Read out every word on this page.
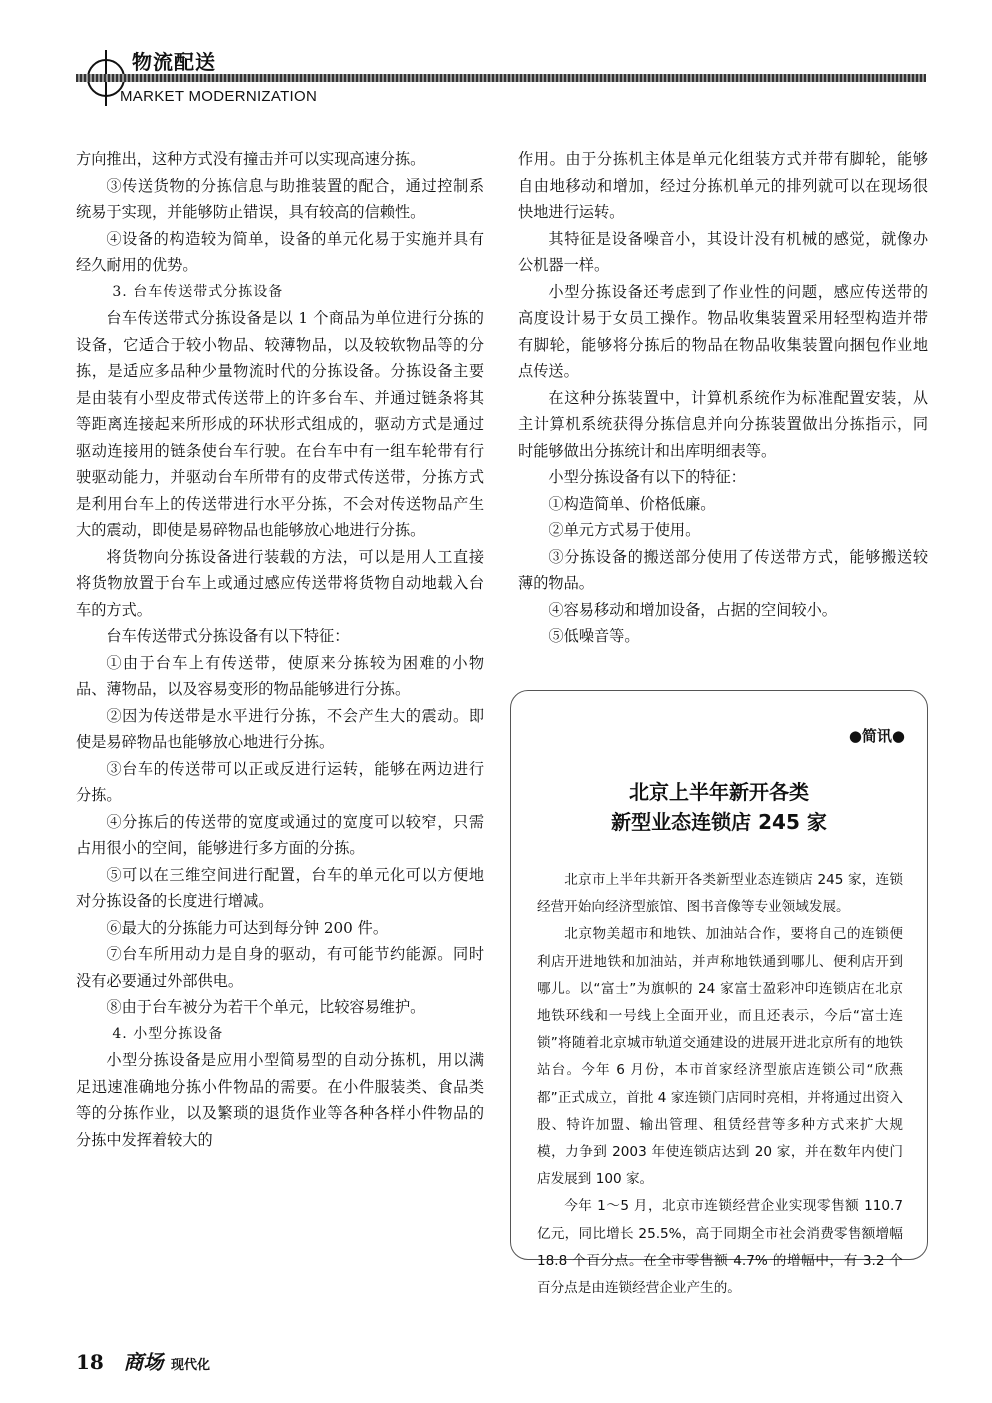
物流配送
MARKET MODERNIZATION

方向推出，这种方式没有撞击并可以实现高速分拣。

③传送货物的分拣信息与助推装置的配合，通过控制系统易于实现，并能够防止错误，具有较高的信赖性。

④设备的构造较为简单，设备的单元化易于实施并具有经久耐用的优势。

3. 台车传送带式分拣设备

台车传送带式分拣设备是以 1 个商品为单位进行分拣的设备，它适合于较小物品、较薄物品，以及较软物品等的分拣，是适应多品种少量物流时代的分拣设备。分拣设备主要是由装有小型皮带式传送带上的许多台车、并通过链条将其等距离连接起来所形成的环状形式组成的，驱动方式是通过驱动连接用的链条使台车行驶。在台车中有一组车轮带有行驶驱动能力，并驱动台车所带有的皮带式传送带，分拣方式是利用台车上的传送带进行水平分拣，不会对传送物品产生大的震动，即使是易碎物品也能够放心地进行分拣。

将货物向分拣设备进行装载的方法，可以是用人工直接将货物放置于台车上或通过感应传送带将货物自动地载入台车的方式。

台车传送带式分拣设备有以下特征：

①由于台车上有传送带，使原来分拣较为困难的小物品、薄物品，以及容易变形的物品能够进行分拣。

②因为传送带是水平进行分拣，不会产生大的震动。即使是易碎物品也能够放心地进行分拣。

③台车的传送带可以正或反进行运转，能够在两边进行分拣。

④分拣后的传送带的宽度或通过的宽度可以较窄，只需占用很小的空间，能够进行多方面的分拣。

⑤可以在三维空间进行配置，台车的单元化可以方便地对分拣设备的长度进行增减。

⑥最大的分拣能力可达到每分钟 200 件。

⑦台车所用动力是自身的驱动，有可能节约能源。同时没有必要通过外部供电。

⑧由于台车被分为若干个单元，比较容易维护。

4. 小型分拣设备

小型分拣设备是应用小型简易型的自动分拣机，用以满足迅速准确地分拣小件物品的需要。在小件服装类、食品类等的分拣作业，以及繁琐的退货作业等各种各样小件物品的分拣中发挥着较大的

作用。由于分拣机主体是单元化组装方式并带有脚轮，能够自由地移动和增加，经过分拣机单元的排列就可以在现场很快地进行运转。

其特征是设备噪音小，其设计没有机械的感觉，就像办公机器一样。

小型分拣设备还考虑到了作业性的问题，感应传送带的高度设计易于女员工操作。物品收集装置采用轻型构造并带有脚轮，能够将分拣后的物品在物品收集装置向捆包作业地点传送。

在这种分拣装置中，计算机系统作为标准配置安装，从主计算机系统获得分拣信息并向分拣装置做出分拣指示，同时能够做出分拣统计和出库明细表等。

小型分拣设备有以下的特征：

①构造简单、价格低廉。

②单元方式易于使用。

③分拣设备的搬送部分使用了传送带方式，能够搬送较薄的物品。

④容易移动和增加设备，占据的空间较小。

⑤低噪音等。

●简讯●
北京上半年新开各类
新型业态连锁店 245 家

北京市上半年共新开各类新型业态连锁店 245 家，连锁经营开始向经济型旅馆、图书音像等专业领域发展。

北京物美超市和地铁、加油站合作，要将自己的连锁便利店开进地铁和加油站，并声称地铁通到哪儿、便利店开到哪儿。以“富士”为旗帜的 24 家富士盈彩冲印连锁店在北京地铁环线和一号线上全面开业，而且还表示，今后“富士连锁”将随着北京城市轨道交通建设的进展开进北京所有的地铁站台。今年 6 月份，本市首家经济型旅店连锁公司“欣燕都”正式成立，首批 4 家连锁门店同时亮相，并将通过出资入股、特许加盟、输出管理、租赁经营等多种方式来扩大规模，力争到 2003 年使连锁店达到 20 家，并在数年内使门店发展到 100 家。

今年 1～5 月，北京市连锁经营企业实现零售额 110.7 亿元，同比增长 25.5%，高于同期全市社会消费零售额增幅 18.8 个百分点。在全市零售额 4.7% 的增幅中，有 3.2 个百分点是由连锁经营企业产生的。

18 商场 现代化
